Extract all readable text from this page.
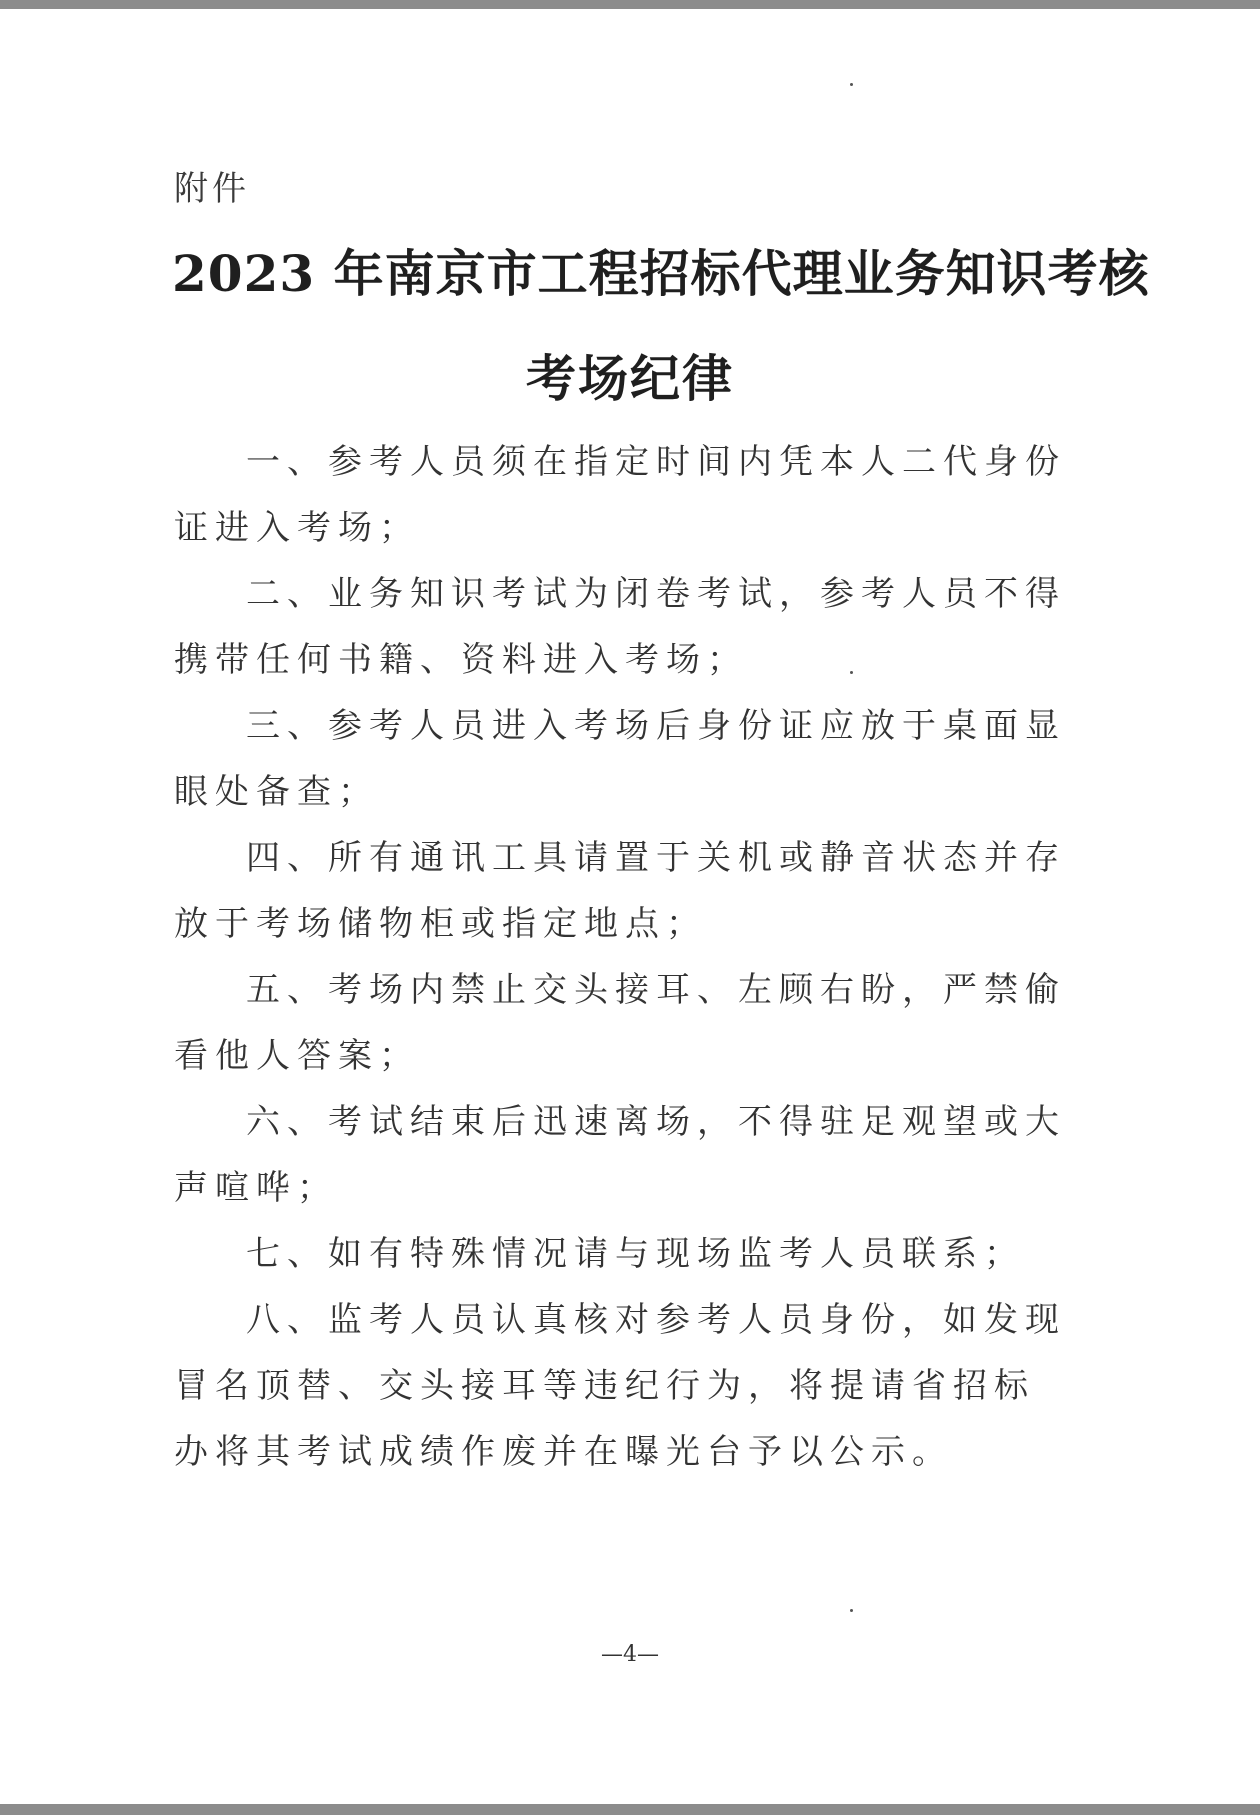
附件
2023 年南京市工程招标代理业务知识考核
考场纪律

一、参考人员须在指定时间内凭本人二代身份证进入考场；

二、业务知识考试为闭卷考试，参考人员不得携带任何书籍、资料进入考场；

三、参考人员进入考场后身份证应放于桌面显眼处备查；

四、所有通讯工具请置于关机或静音状态并存放于考场储物柜或指定地点；

五、考场内禁止交头接耳、左顾右盼，严禁偷看他人答案；

六、考试结束后迅速离场，不得驻足观望或大声喧哗；

七、如有特殊情况请与现场监考人员联系；

八、监考人员认真核对参考人员身份，如发现冒名顶替、交头接耳等违纪行为，将提请省招标办将其考试成绩作废并在曝光台予以公示。

—4—
